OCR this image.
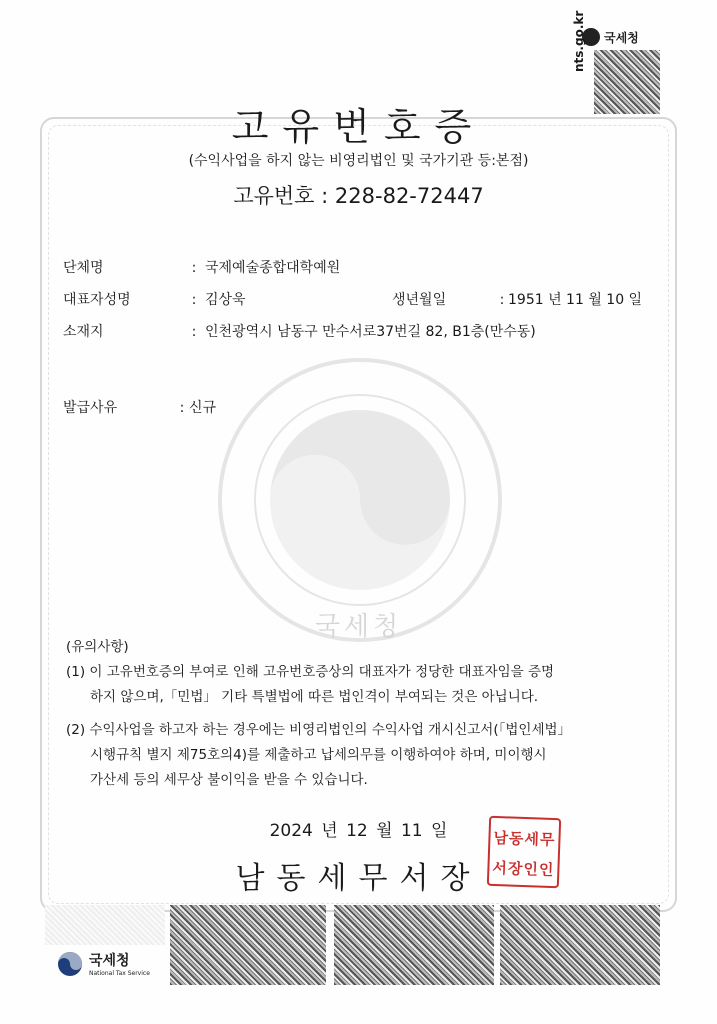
국세청
nts.go.kr
국세청
고유번호증
(수익사업을 하지 않는 비영리법인 및 국가기관 등:본점)
고유번호 : 228-82-72447
단체명	: 국제예술종합대학예원
대표자성명	: 김상욱	생년월일	: 1951 년 11 월 10 일
소재지	: 인천광역시 남동구 만수서로37번길 82, B1층(만수동)
발급사유	: 신규
(유의사항)
(1) 이 고유번호증의 부여로 인해 고유번호증상의 대표자가 정당한 대표자임을 증명
하지 않으며,「민법」 기타 특별법에 따른 법인격이 부여되는 것은 아닙니다.
(2) 수익사업을 하고자 하는 경우에는 비영리법인의 수익사업 개시신고서(「법인세법」
시행규칙 별지 제75호의4)를 제출하고 납세의무를 이행하여야 하며, 미이행시
가산세 등의 세무상 불이익을 받을 수 있습니다.
2024 년 12 월 11 일
남동세무서장
남동세무
서장인인
국세청
National Tax Service
